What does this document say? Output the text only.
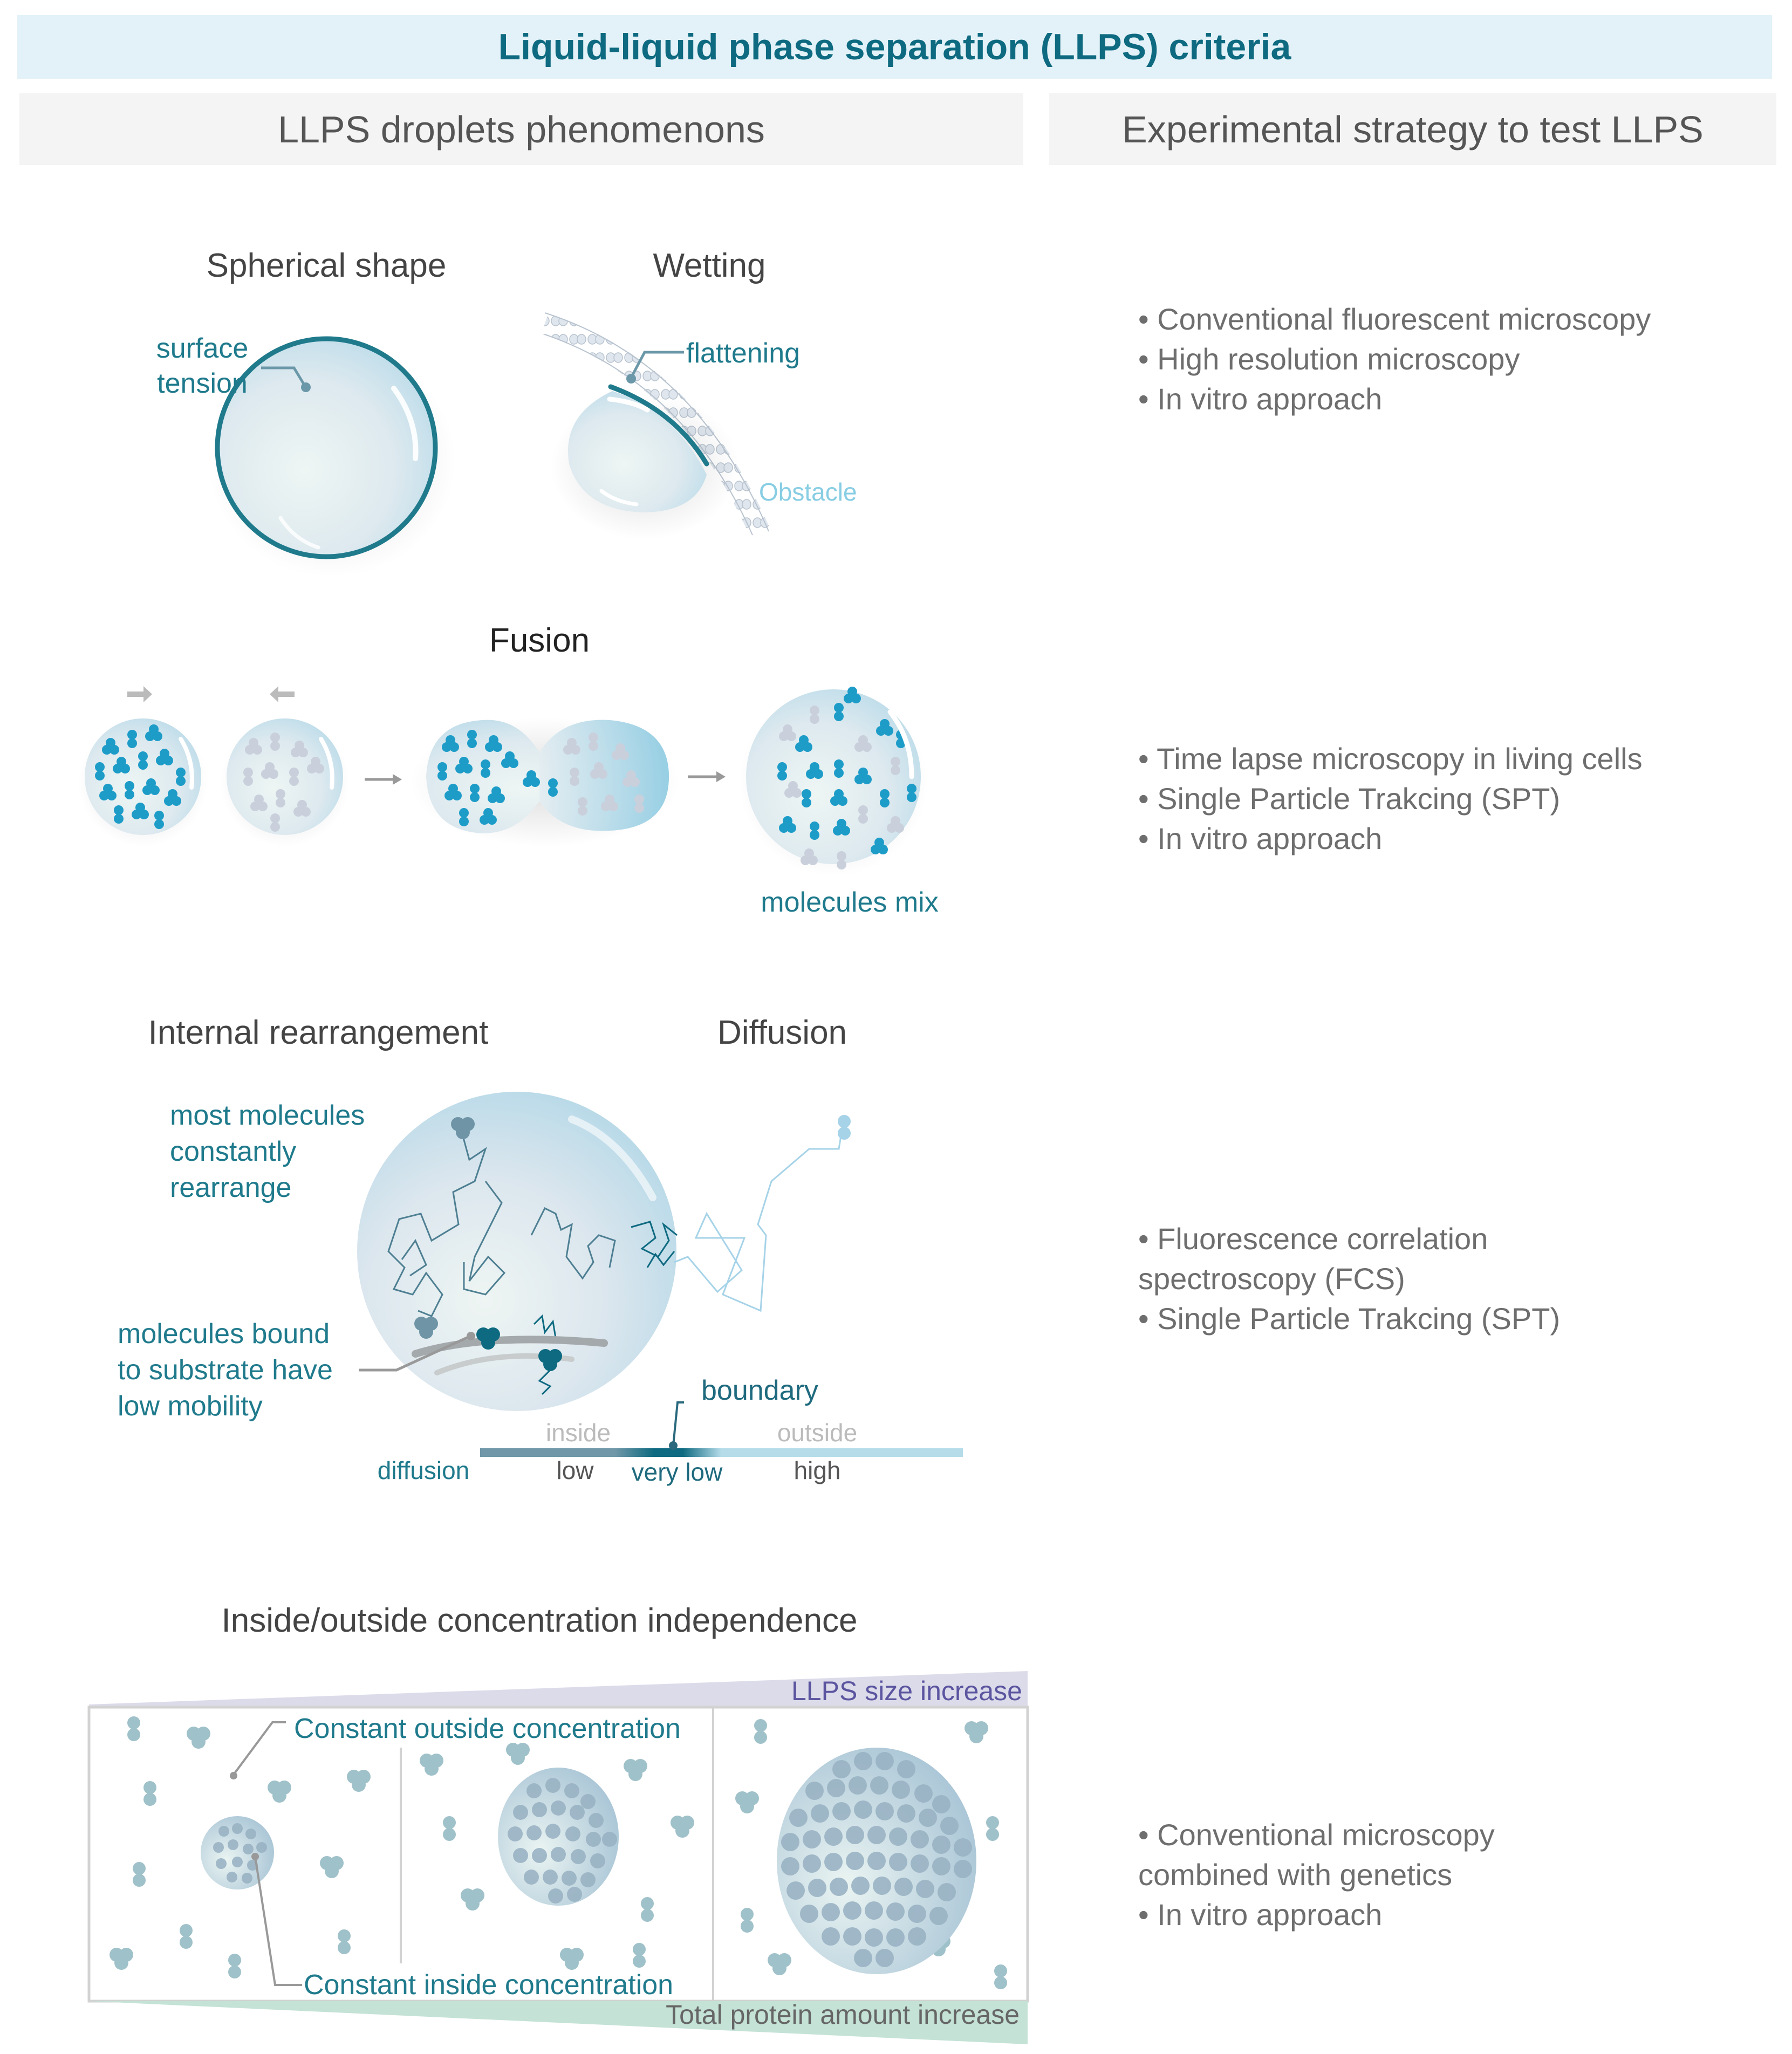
Liquid-liquid phase separation (LLPS) criteria
LLPS droplets phenomenons	Experimental strategy to test LLPS
• Conventional fluorescent microscopy
• High resolution microscopy
• In vitro approach
• Time lapse microscopy in living cells
• Single Particle Trakcing (SPT)
• In vitro approach
• Fluorescence correlation
spectroscopy (FCS)
• Single Particle Trakcing (SPT)
• Conventional microscopy
combined with genetics
• In vitro approach
Spherical shape	Wetting
surface
tension
flattening
Obstacle
Fusion
molecules mix
Internal rearrangement	Diffusion
most molecules
constantly
rearrange
molecules bound
to substrate have
low mobility	boundary
inside	outside
diffusion	low very low	high
Inside/outside concentration independence
LLPS size increase
Total protein amount increase
Constant outside concentration
Constant inside concentration
